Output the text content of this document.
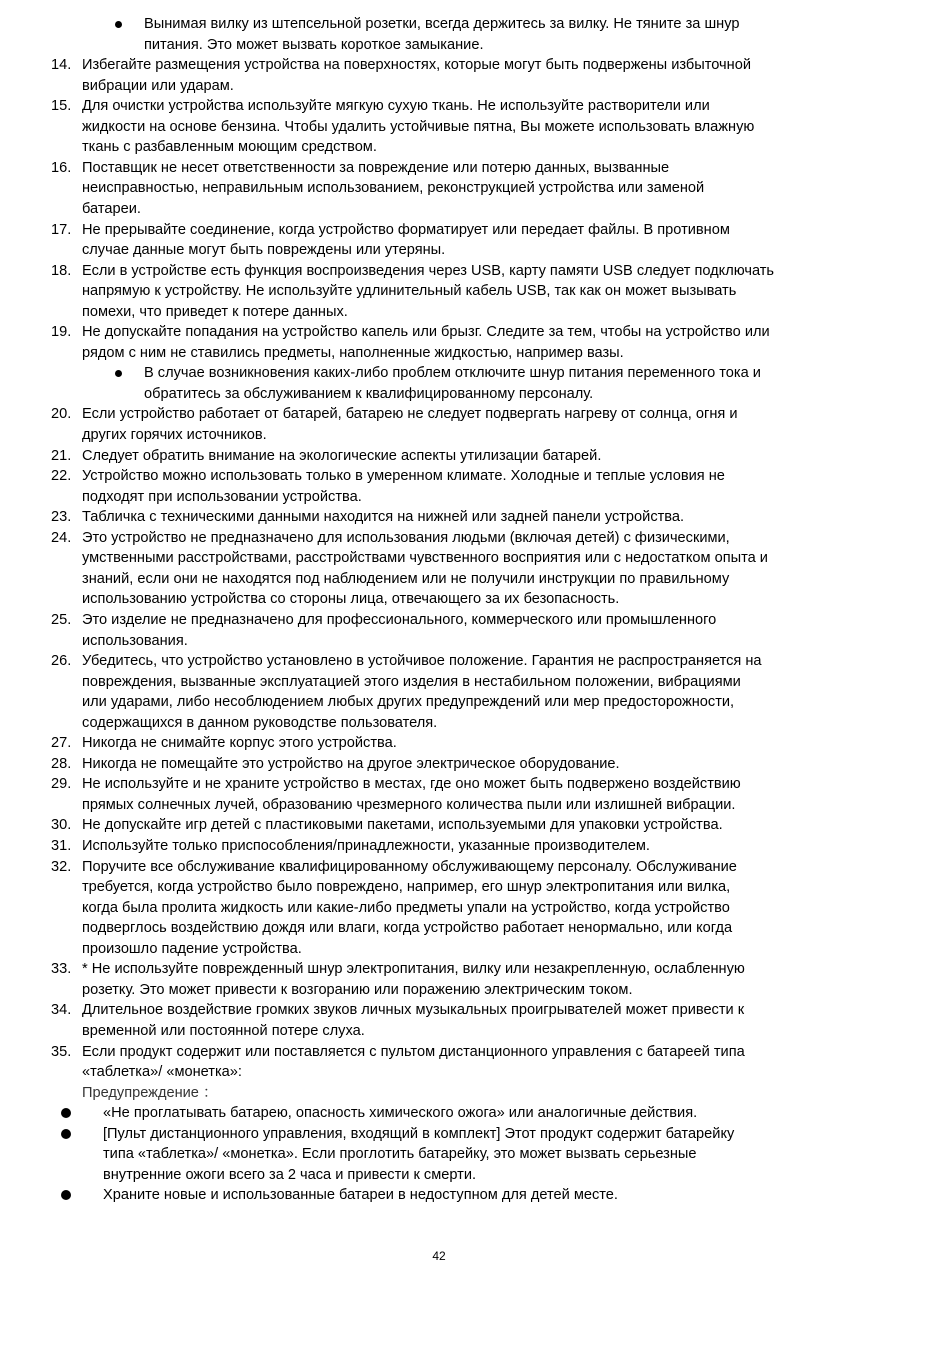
Вынимая вилку из штепсельной розетки, всегда держитесь за вилку. Не тяните за шнур
питания. Это может вызвать короткое замыкание.
14. Избегайте размещения устройства на поверхностях, которые могут быть подвержены избыточной
вибрации или ударам.
15. Для очистки устройства используйте мягкую сухую ткань. Не используйте растворители или
жидкости на основе бензина. Чтобы удалить устойчивые пятна, Вы можете использовать влажную
ткань с разбавленным моющим средством.
16. Поставщик не несет ответственности за повреждение или потерю данных, вызванные
неисправностью, неправильным использованием, реконструкцией устройства или заменой
батареи.
17. Не прерывайте соединение, когда устройство форматирует или передает файлы. В противном
случае данные могут быть повреждены или утеряны.
18. Если в устройстве есть функция воспроизведения через USB, карту памяти USB следует подключать
напрямую к устройству. Не используйте удлинительный кабель USB, так как он может вызывать
помехи, что приведет к потере данных.
19. Не допускайте попадания на устройство капель или брызг. Следите за тем, чтобы на устройство или
рядом с ним не ставились предметы, наполненные жидкостью, например вазы.
В случае возникновения каких-либо проблем отключите шнур питания переменного тока и
обратитесь за обслуживанием к квалифицированному персоналу.
20. Если устройство работает от батарей, батарею не следует подвергать нагреву от солнца, огня и
других горячих источников.
21. Следует обратить внимание на экологические аспекты утилизации батарей.
22. Устройство можно использовать только в умеренном климате. Холодные и теплые условия не
подходят при использовании устройства.
23. Табличка с техническими данными находится на нижней или задней панели устройства.
24. Это устройство не предназначено для использования людьми (включая детей) с физическими,
умственными расстройствами, расстройствами чувственного восприятия или с недостатком опыта и
знаний, если они не находятся под наблюдением или не получили инструкции по правильному
использованию устройства со стороны лица, отвечающего за их безопасность.
25. Это изделие не предназначено для профессионального, коммерческого или промышленного
использования.
26. Убедитесь, что устройство установлено в устойчивое положение. Гарантия не распространяется на
повреждения, вызванные эксплуатацией этого изделия в нестабильном положении, вибрациями
или ударами, либо несоблюдением любых других предупреждений или мер предосторожности,
содержащихся в данном руководстве пользователя.
27. Никогда не снимайте корпус этого устройства.
28. Никогда не помещайте это устройство на другое электрическое оборудование.
29. Не используйте и не храните устройство в местах, где оно может быть подвержено воздействию
прямых солнечных лучей, образованию чрезмерного количества пыли или излишней вибрации.
30. Не допускайте игр детей с пластиковыми пакетами, используемыми для упаковки устройства.
31. Используйте только приспособления/принадлежности, указанные производителем.
32. Поручите все обслуживание квалифицированному обслуживающему персоналу. Обслуживание
требуется, когда устройство было повреждено, например, его шнур электропитания или вилка,
когда была пролита жидкость или какие-либо предметы упали на устройство, когда устройство
подверглось воздействию дождя или влаги, когда устройство работает ненормально, или когда
произошло падение устройства.
33. * Не используйте поврежденный шнур электропитания, вилку или незакрепленную, ослабленную
розетку. Это может привести к возгоранию или поражению электрическим током.
34. Длительное воздействие громких звуков личных музыкальных проигрывателей может привести к
временной или постоянной потере слуха.
35. Если продукт содержит или поставляется с пультом дистанционного управления с батареей типа
«таблетка»/ «монетка»:
Предупреждение ：
«Не проглатывать батарею, опасность химического ожога» или аналогичные действия.
[Пульт дистанционного управления, входящий в комплект] Этот продукт содержит батарейку
типа «таблетка»/ «монетка». Если проглотить батарейку, это может вызвать серьезные
внутренние ожоги всего за 2 часа и привести к смерти.
Храните новые и использованные батареи в недоступном для детей месте.
42
